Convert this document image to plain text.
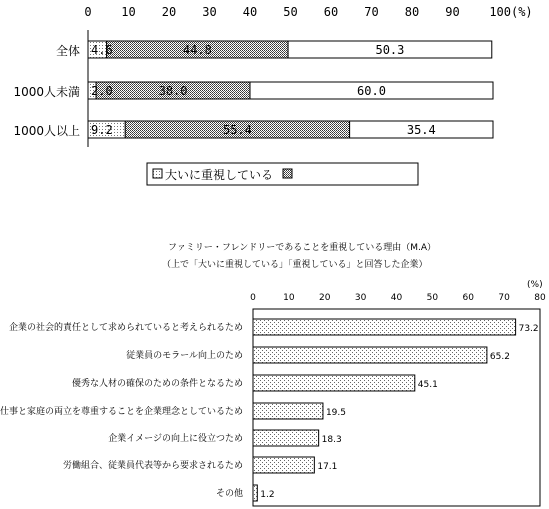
0 10 20 30 40 50 60 70 80 90 100(%)
全体
1000人未満
1000人以上
4.6	44.8	50.3
2.0	38.0	60.0
9.2	55.4	35.4
大いに重視している
ファミリー・フレンドリーであることを重視している理由（M.A）
（上で「大いに重視している」「重視している」と回答した企業）
(%)
0	10	20	30	40	50	60	70	80
企業の社会的責任として求められていると考えられるため
従業員のモラール向上のため
優秀な人材の確保のための条件となるため
仕事と家庭の両立を尊重することを企業理念としているため
企業イメージの向上に役立つため
労働組合、従業員代表等から要求されるため
その他
73.2
65.2
45.1
19.5
18.3
17.1
1.2
